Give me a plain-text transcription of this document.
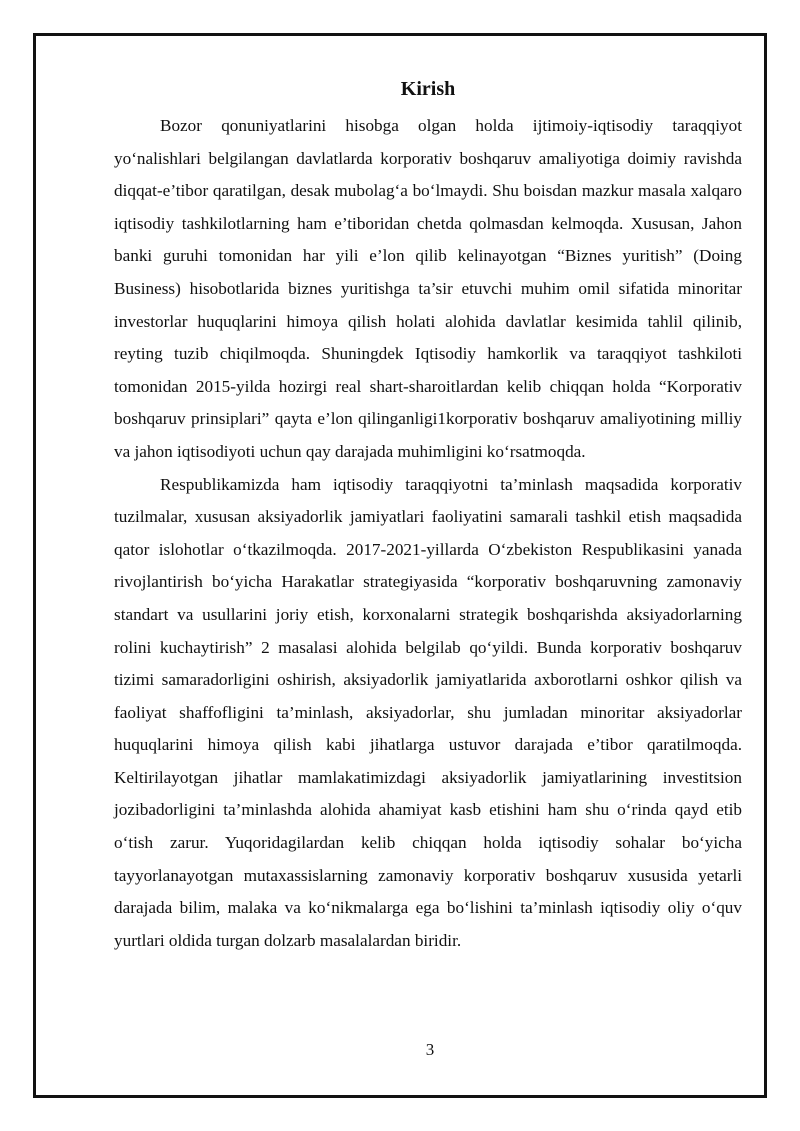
Kirish

Bozor qonuniyatlarini hisobga olgan holda ijtimoiy-iqtisodiy taraqqiyot yo‘nalishlari belgilangan davlatlarda korporativ boshqaruv amaliyotiga doimiy ravishda diqqat-e’tibor qaratilgan, desak mubolag‘a bo‘lmaydi. Shu boisdan mazkur masala xalqaro iqtisodiy tashkilotlarning ham e’tiboridan chetda qolmasdan kelmoqda. Xususan, Jahon banki guruhi tomonidan har yili e’lon qilib kelinayotgan “Biznes yuritish” (Doing Business) hisobotlarida biznes yuritishga ta’sir etuvchi muhim omil sifatida minoritar investorlar huquqlarini himoya qilish holati alohida davlatlar kesimida tahlil qilinib, reyting tuzib chiqilmoqda. Shuningdek Iqtisodiy hamkorlik va taraqqiyot tashkiloti tomonidan 2015-yilda hozirgi real shart-sharoitlardan kelib chiqqan holda “Korporativ boshqaruv prinsiplari” qayta e’lon qilinganligi1korporativ boshqaruv amaliyotining milliy va jahon iqtisodiyoti uchun qay darajada muhimligini ko‘rsatmoqda.

Respublikamizda ham iqtisodiy taraqqiyotni ta’minlash maqsadida korporativ tuzilmalar, xususan aksiyadorlik jamiyatlari faoliyatini samarali tashkil etish maqsadida qator islohotlar o‘tkazilmoqda. 2017-2021-yillarda O‘zbekiston Respublikasini yanada rivojlantirish bo‘yicha Harakatlar strategiyasida “korporativ boshqaruvning zamonaviy standart va usullarini joriy etish, korxonalarni strategik boshqarishda aksiyadorlarning rolini kuchaytirish” 2 masalasi alohida belgilab qo‘yildi. Bunda korporativ boshqaruv tizimi samaradorligini oshirish, aksiyadorlik jamiyatlarida axborotlarni oshkor qilish va faoliyat shaffofligini ta’minlash, aksiyadorlar, shu jumladan minoritar aksiyadorlar huquqlarini himoya qilish kabi jihatlarga ustuvor darajada e’tibor qaratilmoqda. Keltirilayotgan jihatlar mamlakatimizdagi aksiyadorlik jamiyatlarining investitsion jozibadorligini ta’minlashda alohida ahamiyat kasb etishini ham shu o‘rinda qayd etib o‘tish zarur. Yuqoridagilardan kelib chiqqan holda iqtisodiy sohalar bo‘yicha tayyorlanayotgan mutaxassislarning zamonaviy korporativ boshqaruv xususida yetarli darajada bilim, malaka va ko‘nikmalarga ega bo‘lishini ta’minlash iqtisodiy oliy o‘quv yurtlari oldida turgan dolzarb masalalardan biridir.

3
